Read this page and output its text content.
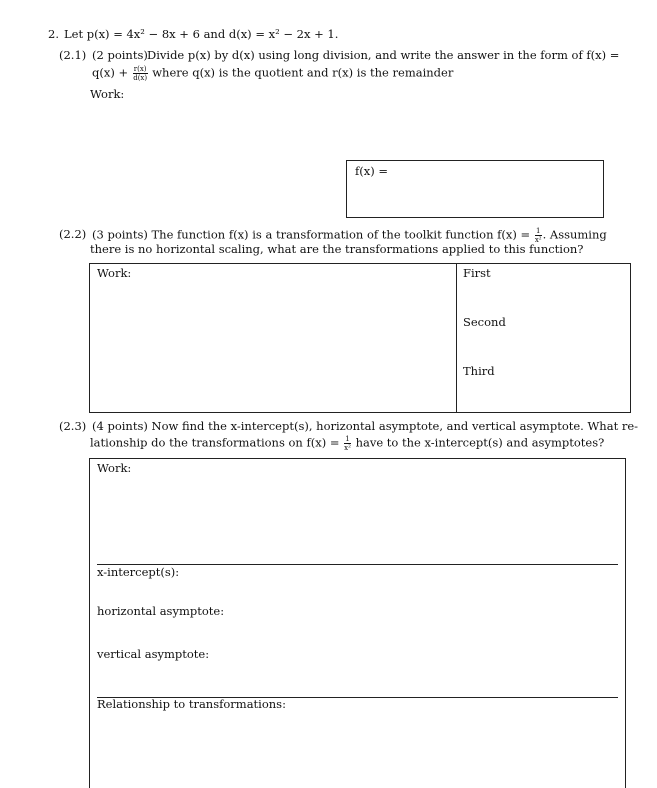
2. Let p(x) = 4x² − 8x + 6 and d(x) = x² − 2x + 1.
(2.1) (2 points) Divide p(x) by d(x) using long division, and write the answer in the form of f(x) =
$q(x) + \frac{r(x)}{d(x)}$ where q(x) is the quotient and r(x) is the remainder
Work:
f(x) =
(2.2) (3 points) The function f(x) is a transformation of the toolkit function $f(x) = \frac{1}{\text{x²}}$ . Assuming
there is no horizontal scaling, what are the transformations applied to this function?
Work:	First
Second
Third
(2.3) (4 points) Now find the x-intercept(s), horizontal asymptote, and vertical asymptote. What re-
lationship do the transformations on $f(x) = \frac{1}{\text{x²}}$ have to the x-intercept(s) and asymptotes?
Work:
x-intercept(s):
horizontal asymptote:
vertical asymptote:
Relationship to transformations:
